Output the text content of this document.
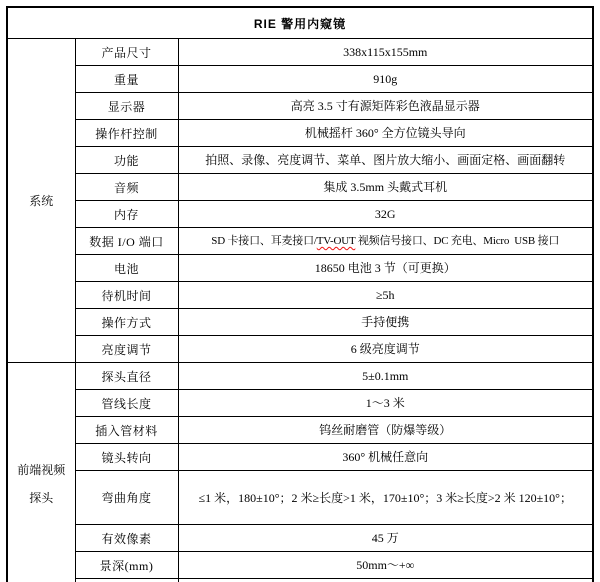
RIE 警用内窥镜		

系统	产品尺寸	338x115x155mm
	重量	910g
	显示器	高亮 3.5 寸有源矩阵彩色液晶显示器
	操作杆控制	机械摇杆 360° 全方位镜头导向
	功能	拍照、录像、亮度调节、菜单、图片放大缩小、画面定格、画面翻转
	音频	集成 3.5mm 头戴式耳机
	内存	32G
	数据 I/O 端口	SD 卡接口、耳麦接口/TV-OUT 视频信号接口、DC 充电、Micro  USB 接口
	电池	18650 电池 3 节（可更换）
	待机时间	≥5h
	操作方式	手持便携
	亮度调节	6 级亮度调节

前端视频
探头	探头直径	5±0.1mm
	管线长度	1～3 米
	插入管材料	钨丝耐磨管（防爆等级）
	镜头转向	360° 机械任意向
	弯曲角度	≤1 米，180±10°；2 米≥长度>1 米，170±10°；3 米≥长度>2 米 120±10°；
	有效像素	45 万
	景深(mm)	50mm～+∞
